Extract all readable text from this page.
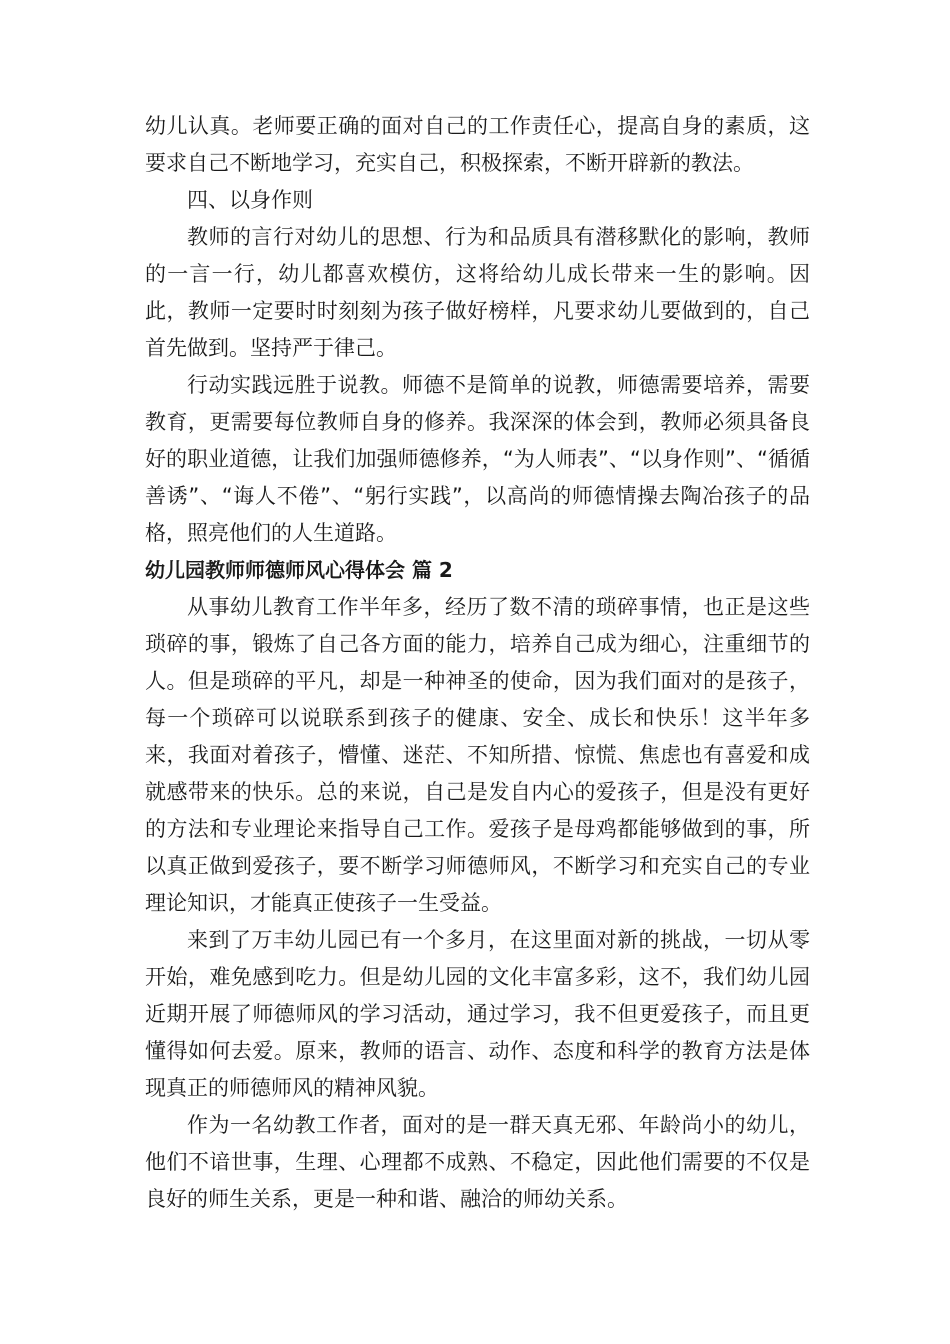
幼儿认真。老师要正确的面对自己的工作责任心，提高自身的素质，这要求自己不断地学习，充实自己，积极探索，不断开辟新的教法。

四、以身作则

教师的言行对幼儿的思想、行为和品质具有潜移默化的影响，教师的一言一行，幼儿都喜欢模仿，这将给幼儿成长带来一生的影响。因此，教师一定要时时刻刻为孩子做好榜样，凡要求幼儿要做到的，自己首先做到。坚持严于律己。

行动实践远胜于说教。师德不是简单的说教，师德需要培养，需要教育，更需要每位教师自身的修养。我深深的体会到，教师必须具备良好的职业道德，让我们加强师德修养，“为人师表”、“以身作则”、“循循善诱”、“诲人不倦”、“躬行实践”，以高尚的师德情操去陶冶孩子的品格，照亮他们的人生道路。

幼儿园教师师德师风心得体会 篇 2

从事幼儿教育工作半年多，经历了数不清的琐碎事情，也正是这些琐碎的事，锻炼了自己各方面的能力，培养自己成为细心，注重细节的人。但是琐碎的平凡，却是一种神圣的使命，因为我们面对的是孩子，每一个琐碎可以说联系到孩子的健康、安全、成长和快乐！这半年多来，我面对着孩子，懵懂、迷茫、不知所措、惊慌、焦虑也有喜爱和成就感带来的快乐。总的来说，自己是发自内心的爱孩子，但是没有更好的方法和专业理论来指导自己工作。爱孩子是母鸡都能够做到的事，所以真正做到爱孩子，要不断学习师德师风，不断学习和充实自己的专业理论知识，才能真正使孩子一生受益。

来到了万丰幼儿园已有一个多月，在这里面对新的挑战，一切从零开始，难免感到吃力。但是幼儿园的文化丰富多彩，这不，我们幼儿园近期开展了师德师风的学习活动，通过学习，我不但更爱孩子，而且更懂得如何去爱。原来，教师的语言、动作、态度和科学的教育方法是体现真正的师德师风的精神风貌。

作为一名幼教工作者，面对的是一群天真无邪、年龄尚小的幼儿，他们不谙世事，生理、心理都不成熟、不稳定，因此他们需要的不仅是良好的师生关系，更是一种和谐、融洽的师幼关系。
